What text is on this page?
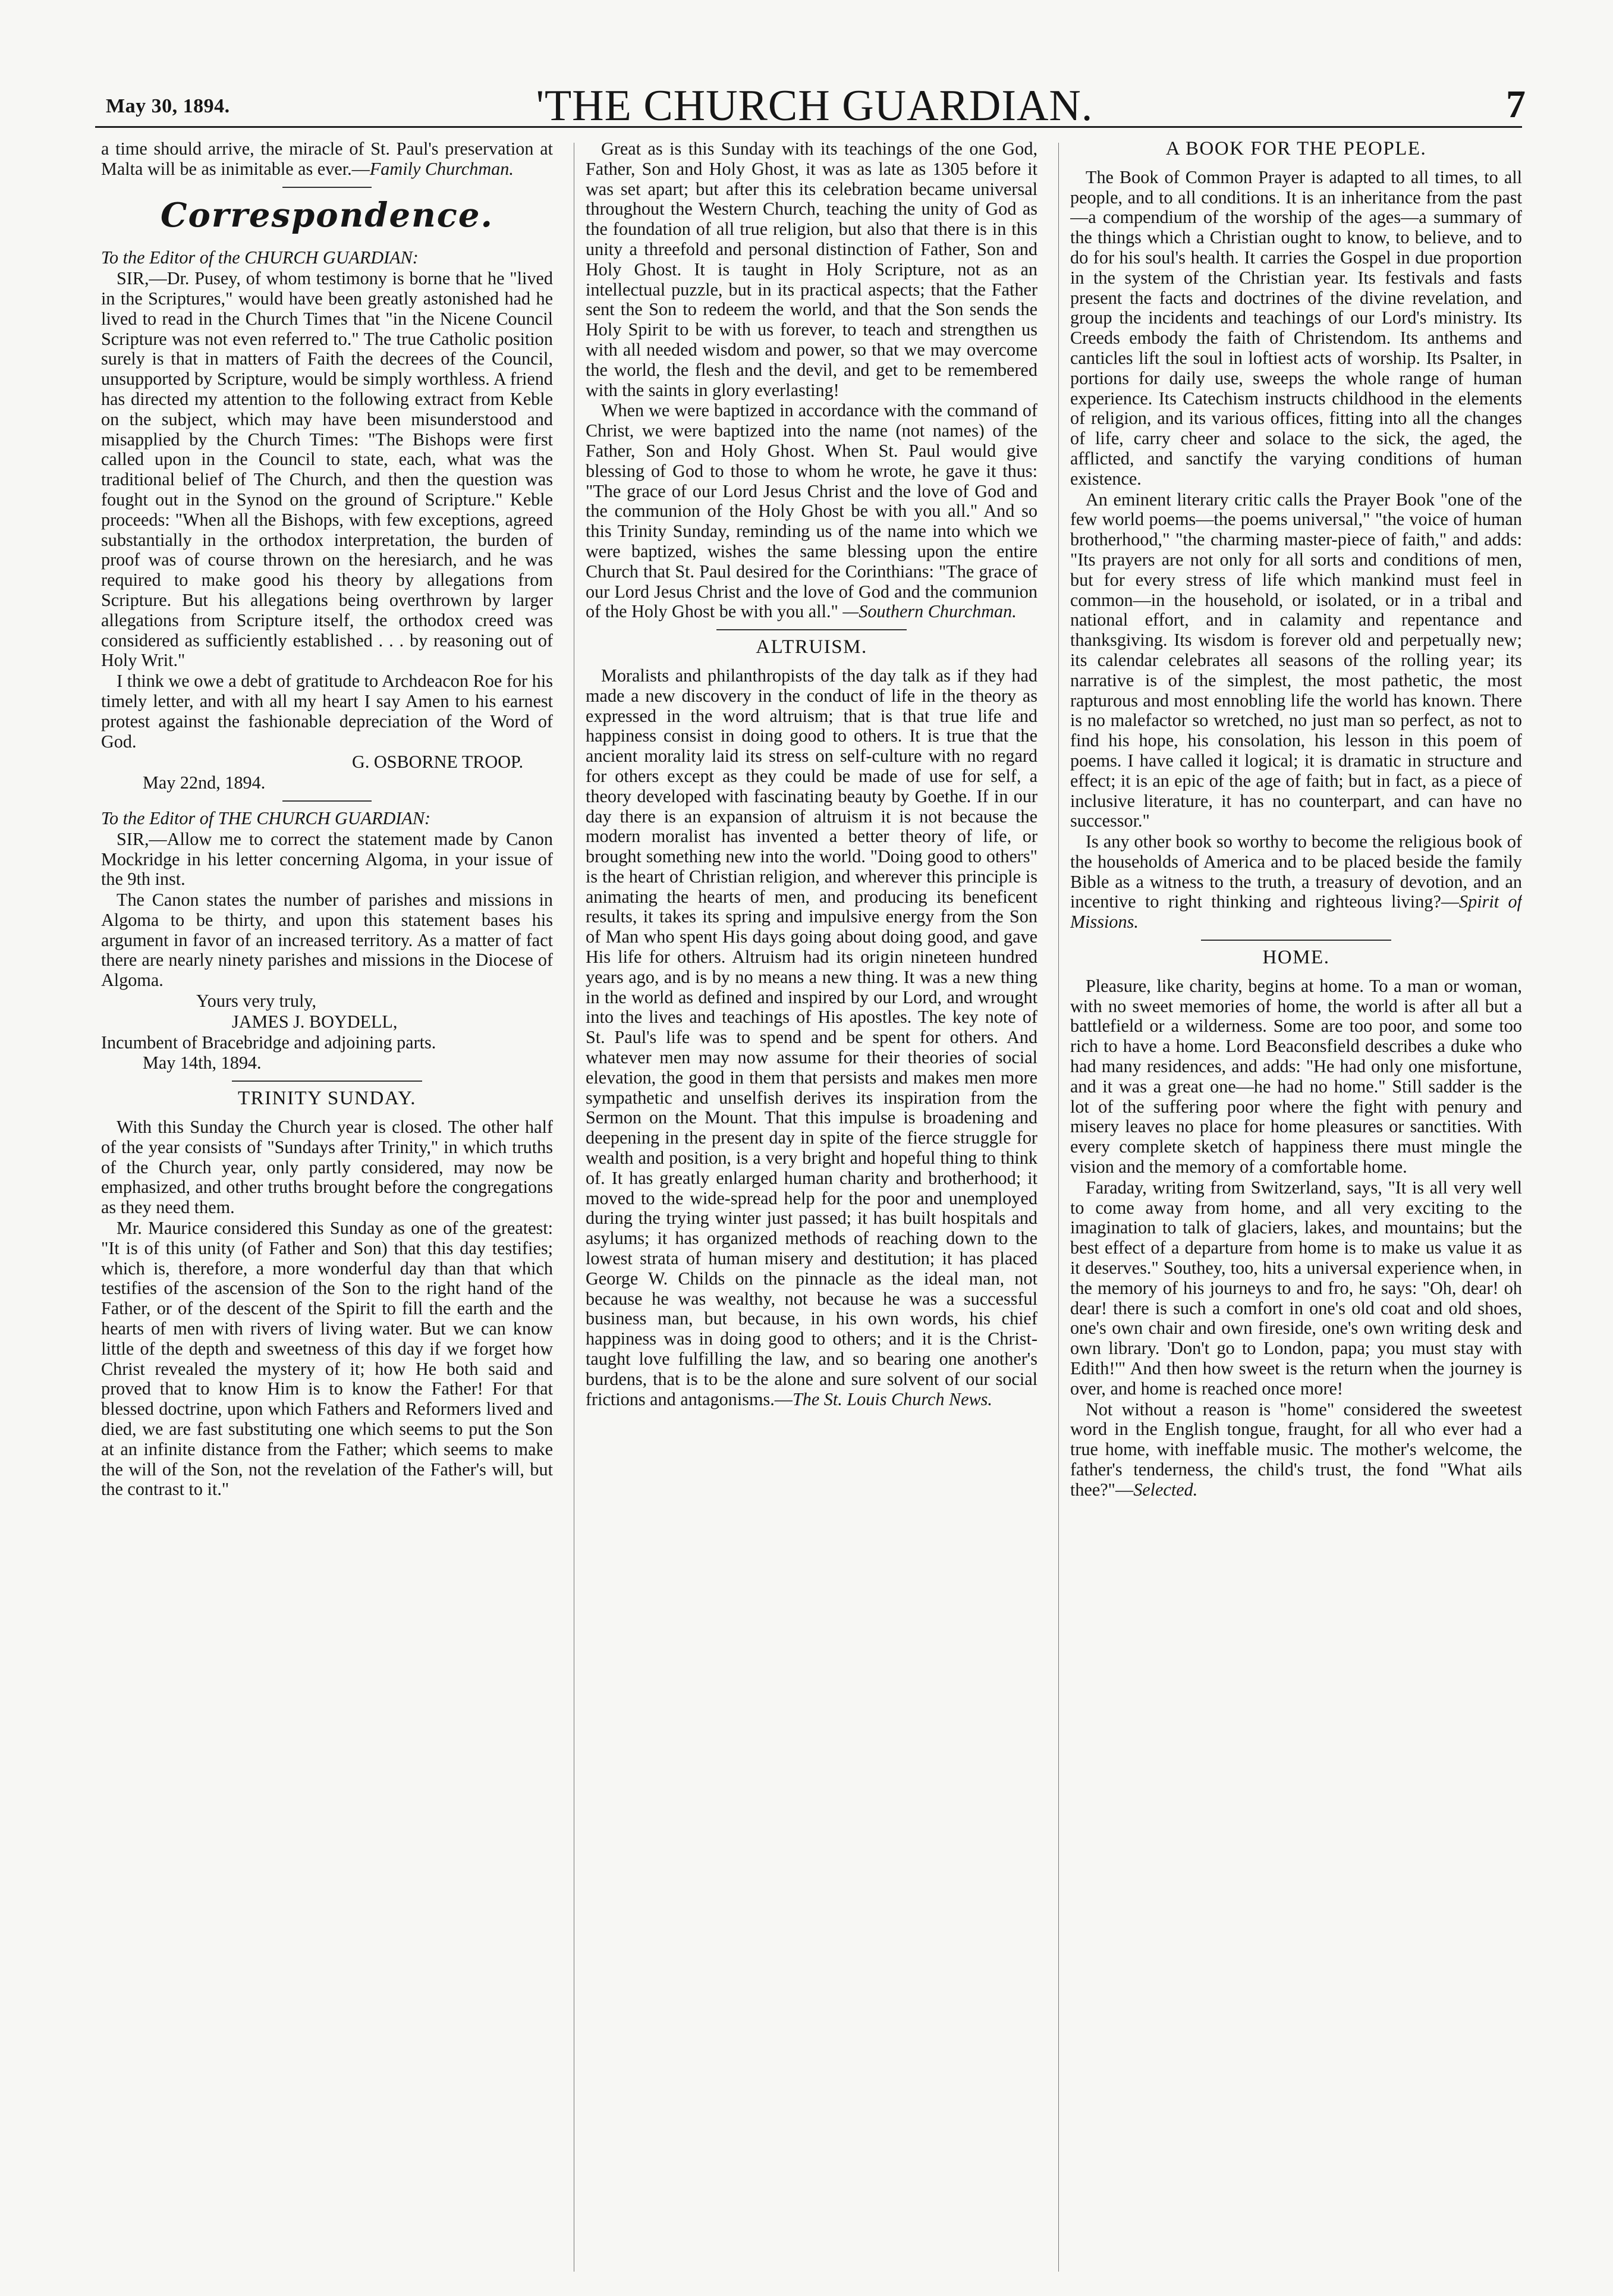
May 30, 1894.	'THE CHURCH GUARDIAN.	7

a time should arrive, the miracle of St. Paul's preservation at Malta will be as inimitable as ever.—Family Churchman.

Correspondence.

To the Editor of the CHURCH GUARDIAN:

SIR,—Dr. Pusey, of whom testimony is borne that he "lived in the Scriptures," would have been greatly astonished had he lived to read in the Church Times that "in the Nicene Council Scripture was not even referred to." The true Catholic position surely is that in matters of Faith the decrees of the Council, unsupported by Scripture, would be simply worthless. A friend has directed my attention to the following extract from Keble on the subject, which may have been misunderstood and misapplied by the Church Times: "The Bishops were first called upon in the Council to state, each, what was the traditional belief of The Church, and then the question was fought out in the Synod on the ground of Scripture." Keble proceeds: "When all the Bishops, with few exceptions, agreed substantially in the orthodox interpretation, the burden of proof was of course thrown on the heresiarch, and he was required to make good his theory by allegations from Scripture. But his allegations being overthrown by larger allegations from Scripture itself, the orthodox creed was considered as sufficiently established . . . by reasoning out of Holy Writ."

I think we owe a debt of gratitude to Archdeacon Roe for his timely letter, and with all my heart I say Amen to his earnest protest against the fashionable depreciation of the Word of God.

G. OSBORNE TROOP.

May 22nd, 1894.

To the Editor of THE CHURCH GUARDIAN:

SIR,—Allow me to correct the statement made by Canon Mockridge in his letter concerning Algoma, in your issue of the 9th inst.

The Canon states the number of parishes and missions in Algoma to be thirty, and upon this statement bases his argument in favor of an increased territory. As a matter of fact there are nearly ninety parishes and missions in the Diocese of Algoma.

Yours very truly,

JAMES J. BOYDELL,

Incumbent of Bracebridge and adjoining parts.

May 14th, 1894.

TRINITY SUNDAY.

With this Sunday the Church year is closed. The other half of the year consists of "Sundays after Trinity," in which truths of the Church year, only partly considered, may now be emphasized, and other truths brought before the congregations as they need them.

Mr. Maurice considered this Sunday as one of the greatest: "It is of this unity (of Father and Son) that this day testifies; which is, therefore, a more wonderful day than that which testifies of the ascension of the Son to the right hand of the Father, or of the descent of the Spirit to fill the earth and the hearts of men with rivers of living water. But we can know little of the depth and sweetness of this day if we forget how Christ revealed the mystery of it; how He both said and proved that to know Him is to know the Father! For that blessed doctrine, upon which Fathers and Reformers lived and died, we are fast substituting one which seems to put the Son at an infinite distance from the Father; which seems to make the will of the Son, not the revelation of the Father's will, but the contrast to it."

Great as is this Sunday with its teachings of the one God, Father, Son and Holy Ghost, it was as late as 1305 before it was set apart; but after this its celebration became universal throughout the Western Church, teaching the unity of God as the foundation of all true religion, but also that there is in this unity a threefold and personal distinction of Father, Son and Holy Ghost. It is taught in Holy Scripture, not as an intellectual puzzle, but in its practical aspects; that the Father sent the Son to redeem the world, and that the Son sends the Holy Spirit to be with us forever, to teach and strengthen us with all needed wisdom and power, so that we may overcome the world, the flesh and the devil, and get to be remembered with the saints in glory everlasting!

When we were baptized in accordance with the command of Christ, we were baptized into the name (not names) of the Father, Son and Holy Ghost. When St. Paul would give blessing of God to those to whom he wrote, he gave it thus: "The grace of our Lord Jesus Christ and the love of God and the communion of the Holy Ghost be with you all." And so this Trinity Sunday, reminding us of the name into which we were baptized, wishes the same blessing upon the entire Church that St. Paul desired for the Corinthians: "The grace of our Lord Jesus Christ and the love of God and the communion of the Holy Ghost be with you all." —Southern Churchman.

ALTRUISM.

Moralists and philanthropists of the day talk as if they had made a new discovery in the conduct of life in the theory as expressed in the word altruism; that is that true life and happiness consist in doing good to others. It is true that the ancient morality laid its stress on self-culture with no regard for others except as they could be made of use for self, a theory developed with fascinating beauty by Goethe. If in our day there is an expansion of altruism it is not because the modern moralist has invented a better theory of life, or brought something new into the world. "Doing good to others" is the heart of Christian religion, and wherever this principle is animating the hearts of men, and producing its beneficent results, it takes its spring and impulsive energy from the Son of Man who spent His days going about doing good, and gave His life for others. Altruism had its origin nineteen hundred years ago, and is by no means a new thing. It was a new thing in the world as defined and inspired by our Lord, and wrought into the lives and teachings of His apostles. The key note of St. Paul's life was to spend and be spent for others. And whatever men may now assume for their theories of social elevation, the good in them that persists and makes men more sympathetic and unselfish derives its inspiration from the Sermon on the Mount. That this impulse is broadening and deepening in the present day in spite of the fierce struggle for wealth and position, is a very bright and hopeful thing to think of. It has greatly enlarged human charity and brotherhood; it moved to the wide-spread help for the poor and unemployed during the trying winter just passed; it has built hospitals and asylums; it has organized methods of reaching down to the lowest strata of human misery and destitution; it has placed George W. Childs on the pinnacle as the ideal man, not because he was wealthy, not because he was a successful business man, but because, in his own words, his chief happiness was in doing good to others; and it is the Christ-taught love fulfilling the law, and so bearing one another's burdens, that is to be the alone and sure solvent of our social frictions and antagonisms.—The St. Louis Church News.

A BOOK FOR THE PEOPLE.

The Book of Common Prayer is adapted to all times, to all people, and to all conditions. It is an inheritance from the past—a compendium of the worship of the ages—a summary of the things which a Christian ought to know, to believe, and to do for his soul's health. It carries the Gospel in due proportion in the system of the Christian year. Its festivals and fasts present the facts and doctrines of the divine revelation, and group the incidents and teachings of our Lord's ministry. Its Creeds embody the faith of Christendom. Its anthems and canticles lift the soul in loftiest acts of worship. Its Psalter, in portions for daily use, sweeps the whole range of human experience. Its Catechism instructs childhood in the elements of religion, and its various offices, fitting into all the changes of life, carry cheer and solace to the sick, the aged, the afflicted, and sanctify the varying conditions of human existence.

An eminent literary critic calls the Prayer Book "one of the few world poems—the poems universal," "the voice of human brotherhood," "the charming master-piece of faith," and adds: "Its prayers are not only for all sorts and conditions of men, but for every stress of life which mankind must feel in common—in the household, or isolated, or in a tribal and national effort, and in calamity and repentance and thanksgiving. Its wisdom is forever old and perpetually new; its calendar celebrates all seasons of the rolling year; its narrative is of the simplest, the most pathetic, the most rapturous and most ennobling life the world has known. There is no malefactor so wretched, no just man so perfect, as not to find his hope, his consolation, his lesson in this poem of poems. I have called it logical; it is dramatic in structure and effect; it is an epic of the age of faith; but in fact, as a piece of inclusive literature, it has no counterpart, and can have no successor."

Is any other book so worthy to become the religious book of the households of America and to be placed beside the family Bible as a witness to the truth, a treasury of devotion, and an incentive to right thinking and righteous living?—Spirit of Missions.

HOME.

Pleasure, like charity, begins at home. To a man or woman, with no sweet memories of home, the world is after all but a battlefield or a wilderness. Some are too poor, and some too rich to have a home. Lord Beaconsfield describes a duke who had many residences, and adds: "He had only one misfortune, and it was a great one—he had no home." Still sadder is the lot of the suffering poor where the fight with penury and misery leaves no place for home pleasures or sanctities. With every complete sketch of happiness there must mingle the vision and the memory of a comfortable home.

Faraday, writing from Switzerland, says, "It is all very well to come away from home, and all very exciting to the imagination to talk of glaciers, lakes, and mountains; but the best effect of a departure from home is to make us value it as it deserves." Southey, too, hits a universal experience when, in the memory of his journeys to and fro, he says: "Oh, dear! oh dear! there is such a comfort in one's old coat and old shoes, one's own chair and own fireside, one's own writing desk and own library. 'Don't go to London, papa; you must stay with Edith!'" And then how sweet is the return when the journey is over, and home is reached once more!

Not without a reason is "home" considered the sweetest word in the English tongue, fraught, for all who ever had a true home, with ineffable music. The mother's welcome, the father's tenderness, the child's trust, the fond "What ails thee?"—Selected.
